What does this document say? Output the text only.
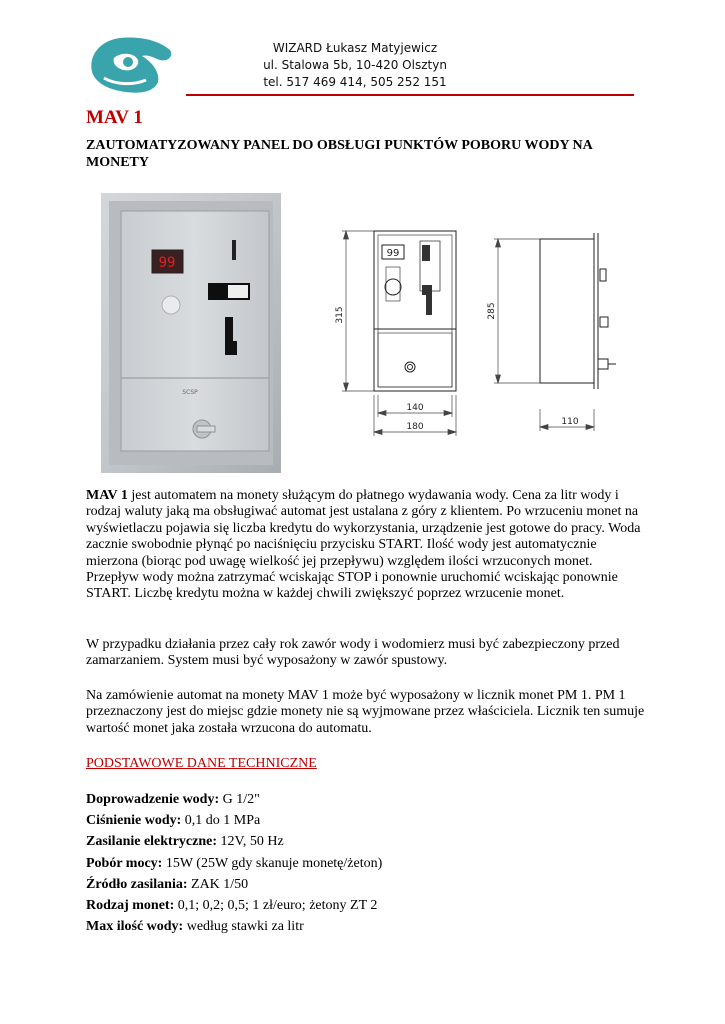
WIZARD Łukasz Matyjewicz
ul. Stalowa 5b, 10-420 Olsztyn
tel. 517 469 414, 505 252 151
MAV 1
ZAUTOMATYZOWANY PANEL DO OBSŁUGI PUNKTÓW POBORU WODY NA MONETY
99
SCSP
99
315
140
180
285
110

MAV 1 jest automatem na monety służącym do płatnego wydawania wody. Cena za litr wody i rodzaj waluty jaką ma obsługiwać automat jest ustalana z góry z klientem. Po wrzuceniu monet na wyświetlaczu pojawia się liczba kredytu do wykorzystania, urządzenie jest gotowe do pracy. Woda zacznie swobodnie płynąć po naciśnięciu przycisku START. Ilość wody jest automatycznie mierzona (biorąc pod uwagę wielkość jej przepływu) względem ilości wrzuconych monet. Przepływ wody można zatrzymać wciskając STOP i ponownie uruchomić wciskając ponownie START. Liczbę kredytu można w każdej chwili zwiększyć poprzez wrzucenie monet.

W przypadku działania przez cały rok zawór wody i wodomierz musi być zabezpieczony przed zamarzaniem. System musi być wyposażony w zawór spustowy.

Na zamówienie automat na monety MAV 1 może być wyposażony w licznik monet PM 1. PM 1 przeznaczony jest do miejsc gdzie monety nie są wyjmowane przez właściciela. Licznik ten sumuje wartość monet jaka została wrzucona do automatu.

PODSTAWOWE DANE TECHNICZNE

Doprowadzenie wody: G 1/2"
Ciśnienie wody: 0,1 do 1 MPa
Zasilanie elektryczne: 12V, 50 Hz
Pobór mocy: 15W (25W gdy skanuje monetę/żeton)
Źródło zasilania: ZAK 1/50
Rodzaj monet: 0,1; 0,2; 0,5; 1 zł/euro; żetony ZT 2
Max ilość wody: według stawki za litr
